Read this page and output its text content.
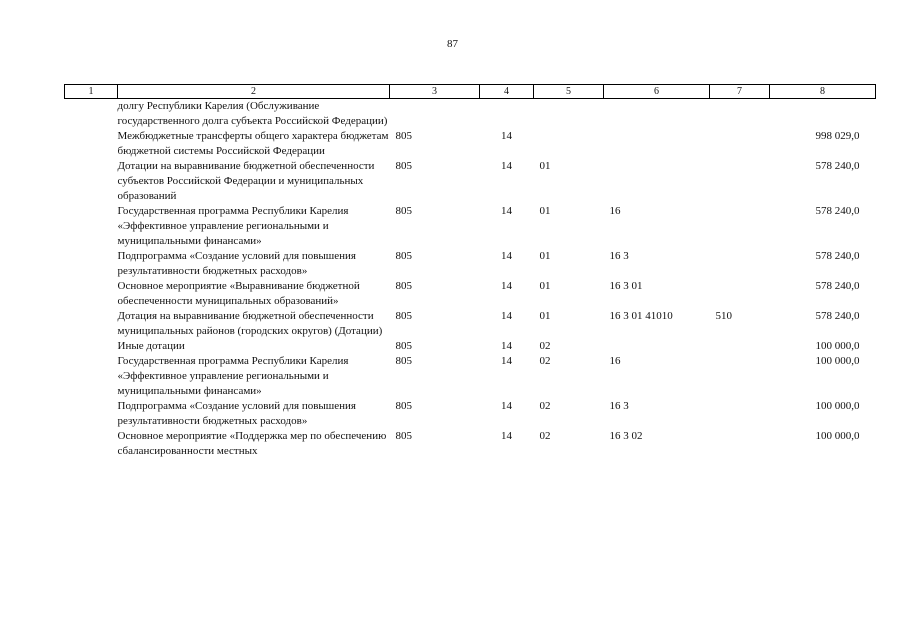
87
1	2	3	4	5	6	7	8
	долгу Республики Карелия (Обслуживание государственного долга субъекта Российской Федерации)						
	Межбюджетные трансферты общего характера бюджетам бюджетной системы Российской Федерации	805	14				998 029,0
	Дотации на выравнивание бюджетной обеспеченности субъектов Российской Федерации и муниципальных образований	805	14	01			578 240,0
	Государственная программа Республики Карелия «Эффективное управление региональными и муниципальными финансами»	805	14	01	16		578 240,0
	Подпрограмма «Создание условий для повышения результативности бюджетных расходов»	805	14	01	16 3		578 240,0
	Основное мероприятие «Выравнивание бюджетной обеспеченности муниципальных образований»	805	14	01	16 3 01		578 240,0
	Дотация на выравнивание бюджетной обеспеченности муниципальных районов (городских округов) (Дотации)	805	14	01	16 3 01 41010	510	578 240,0
	Иные дотации	805	14	02			100 000,0
	Государственная программа Республики Карелия «Эффективное управление региональными и муниципальными финансами»	805	14	02	16		100 000,0
	Подпрограмма «Создание условий для повышения результативности бюджетных расходов»	805	14	02	16 3		100 000,0
	Основное мероприятие «Поддержка мер по обеспечению сбалансированности местных	805	14	02	16 3 02		100 000,0
